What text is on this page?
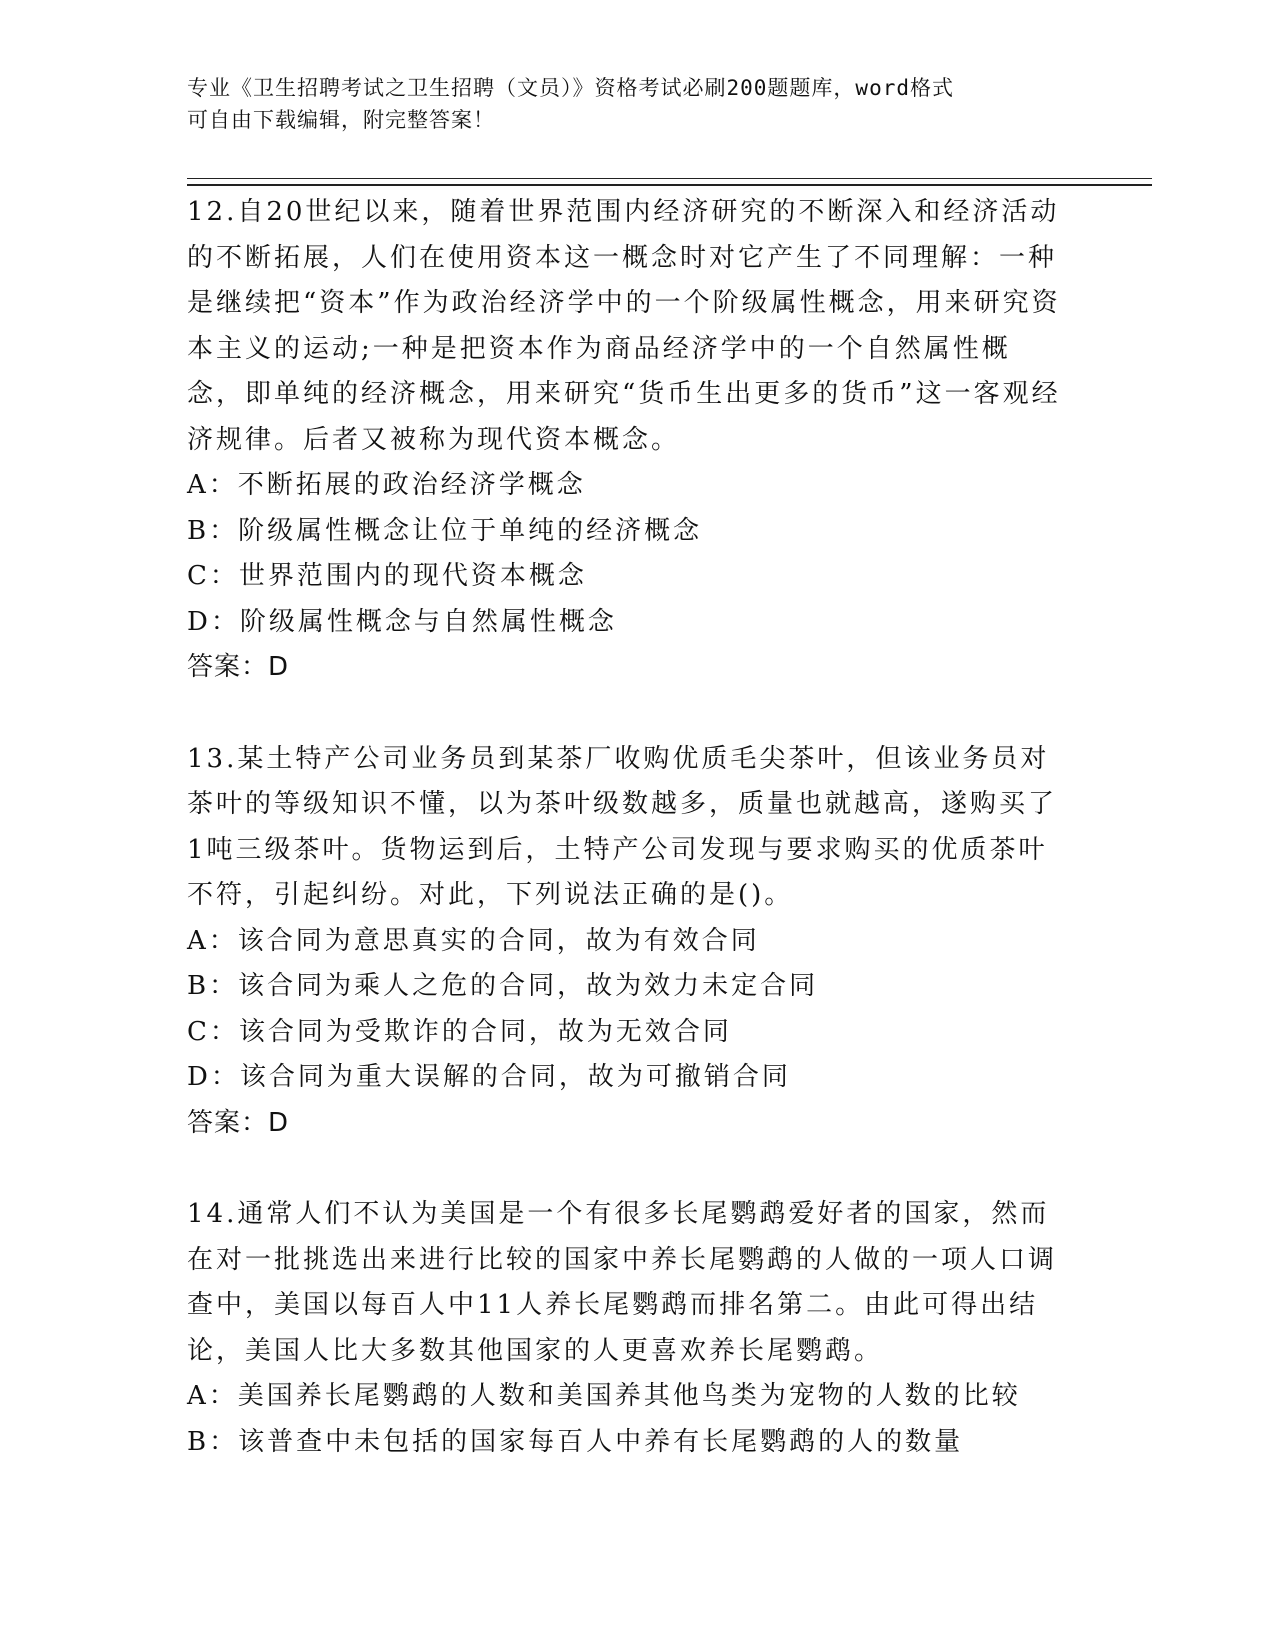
专业《卫生招聘考试之卫生招聘（文员）》资格考试必刷200题题库，word格式
可自由下载编辑，附完整答案！

12.自20世纪以来，随着世界范围内经济研究的不断深入和经济活动的不断拓展，人们在使用资本这一概念时对它产生了不同理解：一种是继续把“资本”作为政治经济学中的一个阶级属性概念，用来研究资本主义的运动;一种是把资本作为商品经济学中的一个自然属性概念，即单纯的经济概念，用来研究“货币生出更多的货币”这一客观经济规律。后者又被称为现代资本概念。

A：不断拓展的政治经济学概念

B：阶级属性概念让位于单纯的经济概念

C：世界范围内的现代资本概念

D：阶级属性概念与自然属性概念

答案：D

13.某土特产公司业务员到某茶厂收购优质毛尖茶叶，但该业务员对茶叶的等级知识不懂，以为茶叶级数越多，质量也就越高，遂购买了1吨三级茶叶。货物运到后，土特产公司发现与要求购买的优质茶叶不符，引起纠纷。对此，下列说法正确的是()。

A：该合同为意思真实的合同，故为有效合同

B：该合同为乘人之危的合同，故为效力未定合同

C：该合同为受欺诈的合同，故为无效合同

D：该合同为重大误解的合同，故为可撤销合同

答案：D

14.通常人们不认为美国是一个有很多长尾鹦鹉爱好者的国家，然而在对一批挑选出来进行比较的国家中养长尾鹦鹉的人做的一项人口调查中，美国以每百人中11人养长尾鹦鹉而排名第二。由此可得出结论，美国人比大多数其他国家的人更喜欢养长尾鹦鹉。

A：美国养长尾鹦鹉的人数和美国养其他鸟类为宠物的人数的比较

B：该普查中未包括的国家每百人中养有长尾鹦鹉的人的数量
